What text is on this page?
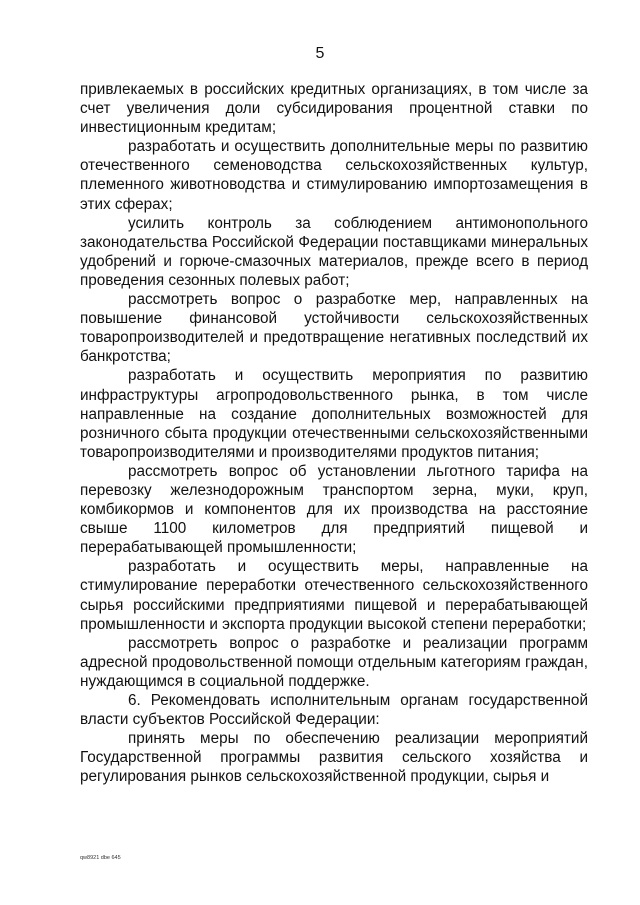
5
привлекаемых в российских кредитных организациях, в том числе за счет увеличения доли субсидирования процентной ставки по инвестиционным кредитам;
разработать и осуществить дополнительные меры по развитию отечественного семеноводства сельскохозяйственных культур, племенного животноводства и стимулированию импортозамещения в этих сферах;
усилить контроль за соблюдением антимонопольного законодательства Российской Федерации поставщиками минеральных удобрений и горюче-смазочных материалов, прежде всего в период проведения сезонных полевых работ;
рассмотреть вопрос о разработке мер, направленных на повышение финансовой устойчивости сельскохозяйственных товаропроизводителей и предотвращение негативных последствий их банкротства;
разработать и осуществить мероприятия по развитию инфраструктуры агропродовольственного рынка, в том числе направленные на создание дополнительных возможностей для розничного сбыта продукции отечественными сельскохозяйственными товаропроизводителями и производителями продуктов питания;
рассмотреть вопрос об установлении льготного тарифа на перевозку железнодорожным транспортом зерна, муки, круп, комбикормов и компонентов для их производства на расстояние свыше 1100 километров для предприятий пищевой и перерабатывающей промышленности;
разработать и осуществить меры, направленные на стимулирование переработки отечественного сельскохозяйственного сырья российскими предприятиями пищевой и перерабатывающей промышленности и экспорта продукции высокой степени переработки;
рассмотреть вопрос о разработке и реализации программ адресной продовольственной помощи отдельным категориям граждан, нуждающимся в социальной поддержке.
6. Рекомендовать исполнительным органам государственной власти субъектов Российской Федерации:
принять меры по обеспечению реализации мероприятий Государственной программы развития сельского хозяйства и регулирования рынков сельскохозяйственной продукции, сырья и
qw8921 dbe 645
